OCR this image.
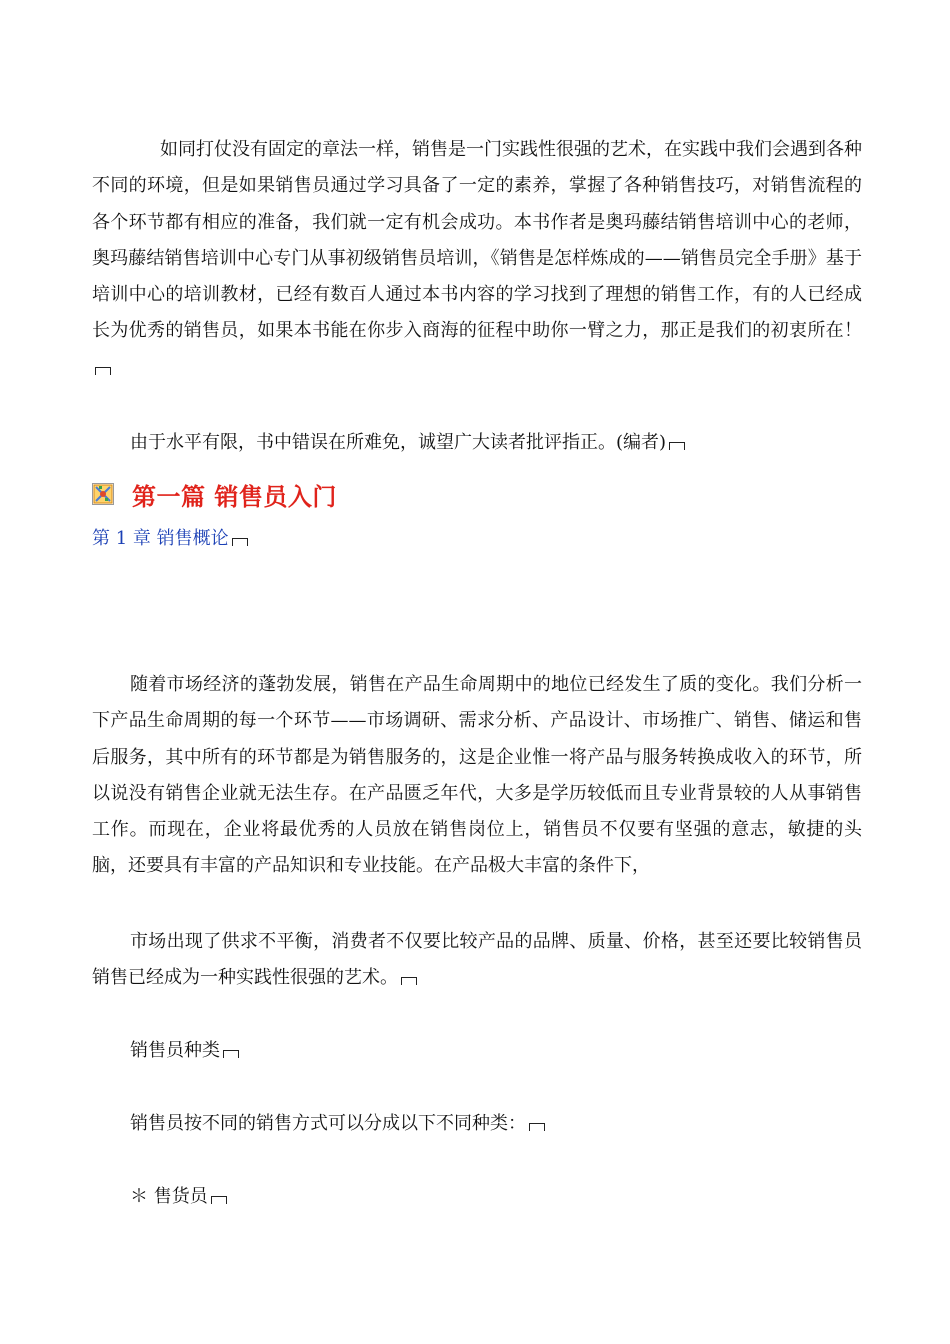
如同打仗没有固定的章法一样，销售是一门实践性很强的艺术，在实践中我们会遇到各种不同的环境，但是如果销售员通过学习具备了一定的素养，掌握了各种销售技巧，对销售流程的各个环节都有相应的准备，我们就一定有机会成功。本书作者是奥玛藤结销售培训中心的老师，奥玛藤结销售培训中心专门从事初级销售员培训，《销售是怎样炼成的——销售员完全手册》基于培训中心的培训教材，已经有数百人通过本书内容的学习找到了理想的销售工作，有的人已经成长为优秀的销售员，如果本书能在你步入商海的征程中助你一臂之力，那正是我们的初衷所在！

由于水平有限，书中错误在所难免，诚望广大读者批评指正。(编者)

第一篇 销售员入门
第 1 章 销售概论

随着市场经济的蓬勃发展，销售在产品生命周期中的地位已经发生了质的变化。我们分析一下产品生命周期的每一个环节——市场调研、需求分析、产品设计、市场推广、销售、储运和售后服务，其中所有的环节都是为销售服务的，这是企业惟一将产品与服务转换成收入的环节，所以说没有销售企业就无法生存。在产品匮乏年代，大多是学历较低而且专业背景较的人从事销售工作。而现在，企业将最优秀的人员放在销售岗位上，销售员不仅要有坚强的意志，敏捷的头脑，还要具有丰富的产品知识和专业技能。在产品极大丰富的条件下，

市场出现了供求不平衡，消费者不仅要比较产品的品牌、质量、价格，甚至还要比较销售员销售已经成为一种实践性很强的艺术。

销售员种类

销售员按不同的销售方式可以分成以下不同种类：

＊ 售货员
